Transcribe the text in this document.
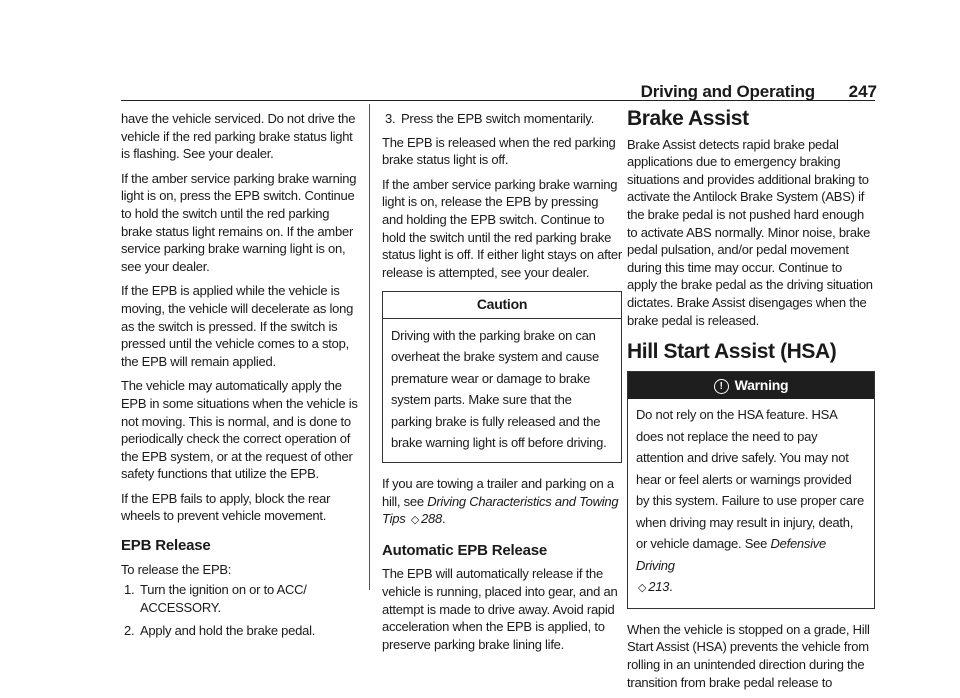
Driving and Operating 247

have the vehicle serviced. Do not drive the vehicle if the red parking brake status light is flashing. See your dealer.

If the amber service parking brake warning light is on, press the EPB switch. Continue to hold the switch until the red parking brake status light remains on. If the amber service parking brake warning light is on, see your dealer.

If the EPB is applied while the vehicle is moving, the vehicle will decelerate as long as the switch is pressed. If the switch is pressed until the vehicle comes to a stop, the EPB will remain applied.

The vehicle may automatically apply the EPB in some situations when the vehicle is not moving. This is normal, and is done to periodically check the correct operation of the EPB system, or at the request of other safety functions that utilize the EPB.

If the EPB fails to apply, block the rear wheels to prevent vehicle movement.

EPB Release

To release the EPB:

1. Turn the ignition on or to ACC/ ACCESSORY.
2. Apply and hold the brake pedal.
3. Press the EPB switch momentarily.

The EPB is released when the red parking brake status light is off.

If the amber service parking brake warning light is on, release the EPB by pressing and holding the EPB switch. Continue to hold the switch until the red parking brake status light is off. If either light stays on after release is attempted, see your dealer.

Caution
Driving with the parking brake on can overheat the brake system and cause premature wear or damage to brake system parts. Make sure that the parking brake is fully released and the brake warning light is off before driving.

If you are towing a trailer and parking on a hill, see Driving Characteristics and Towing Tips ◇ 288.

Automatic EPB Release

The EPB will automatically release if the vehicle is running, placed into gear, and an attempt is made to drive away. Avoid rapid acceleration when the EPB is applied, to preserve parking brake lining life.

Brake Assist

Brake Assist detects rapid brake pedal applications due to emergency braking situations and provides additional braking to activate the Antilock Brake System (ABS) if the brake pedal is not pushed hard enough to activate ABS normally. Minor noise, brake pedal pulsation, and/or pedal movement during this time may occur. Continue to apply the brake pedal as the driving situation dictates. Brake Assist disengages when the brake pedal is released.

Hill Start Assist (HSA)
! Warning
Do not rely on the HSA feature. HSA does not replace the need to pay attention and drive safely. You may not hear or feel alerts or warnings provided by this system. Failure to use proper care when driving may result in injury, death, or vehicle damage. See Defensive Driving
◇ 213.

When the vehicle is stopped on a grade, Hill Start Assist (HSA) prevents the vehicle from rolling in an unintended direction during the transition from brake pedal release to
